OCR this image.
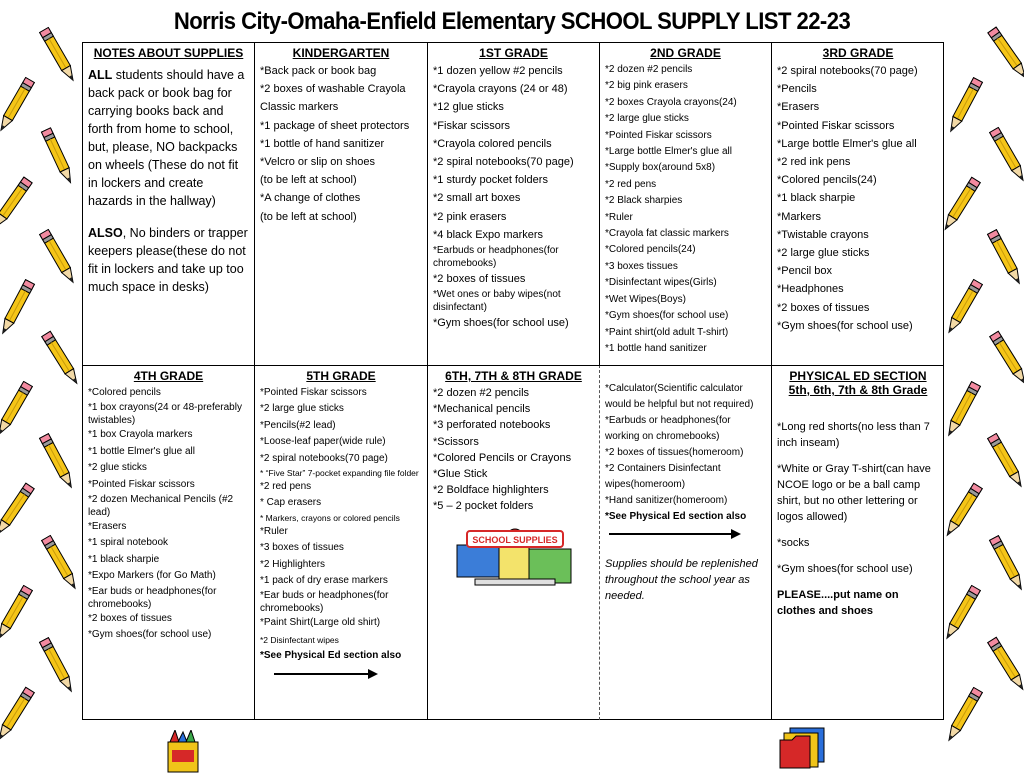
Norris City-Omaha-Enfield Elementary SCHOOL SUPPLY LIST 22-23
NOTES ABOUT SUPPLIES

ALL students should have a back pack or book bag for carrying books back and forth from home to school, but, please, NO backpacks on wheels (These do not fit in lockers and create hazards in the hallway)

ALSO, No binders or trapper keepers please(these do not fit in lockers and take up too much space in desks)

KINDERGARTEN
*Back pack or book bag
*2 boxes of washable Crayola Classic markers
*1 package of sheet protectors
*1 bottle of hand sanitizer
*Velcro or slip on shoes
(to be left at school)
*A change of clothes
(to be left at school)
1ST GRADE
*1 dozen yellow #2 pencils
*Crayola crayons (24 or 48)
*12 glue sticks
*Fiskar scissors
*Crayola colored pencils
*2 spiral notebooks(70 page)
*1 sturdy pocket folders
*2 small art boxes
*2 pink erasers
*4 black Expo markers
*Earbuds or headphones(for chromebooks)
*2 boxes of tissues
*Wet ones or baby wipes(not disinfectant)
*Gym shoes(for school use)
2ND GRADE
*2 dozen #2 pencils
*2 big pink erasers
*2 boxes Crayola crayons(24)
*2 large glue sticks
*Pointed Fiskar scissors
*Large bottle Elmer's glue all
*Supply box(around 5x8)
*2 red pens
*2 Black sharpies
*Ruler
*Crayola fat classic markers
*Colored pencils(24)
*3 boxes tissues
*Disinfectant wipes(Girls)
*Wet Wipes(Boys)
*Gym shoes(for school use)
*Paint shirt(old adult T-shirt)
*1 bottle hand sanitizer
3RD GRADE
*2 spiral notebooks(70 page)
*Pencils
*Erasers
*Pointed Fiskar scissors
*Large bottle Elmer's glue all
*2 red ink pens
*Colored pencils(24)
*1 black sharpie
*Markers
*Twistable crayons
*2 large glue sticks
*Pencil box
*Headphones
*2 boxes of tissues
*Gym shoes(for school use)
4TH GRADE
*Colored pencils
*1 box crayons(24 or 48-preferably twistables)
*1 box Crayola markers
*1 bottle Elmer's glue all
*2 glue sticks
*Pointed Fiskar scissors
*2 dozen Mechanical Pencils (#2 lead)
*Erasers
*1 spiral notebook
*1 black sharpie
*Expo Markers (for Go Math)
*Ear buds or headphones(for chromebooks)
*2 boxes of tissues
*Gym shoes(for school use)
5TH GRADE
*Pointed Fiskar scissors
*2 large glue sticks
*Pencils(#2 lead)
*Loose-leaf paper(wide rule)
*2 spiral notebooks(70 page)
* “Five Star” 7-pocket expanding file folder
*2 red pens
* Cap erasers
* Markers, crayons or colored pencils
*Ruler
*3 boxes of tissues
*2 Highlighters
*1 pack of dry erase markers
*Ear buds or headphones(for chromebooks)
*Paint Shirt(Large old shirt)
*2 Disinfectant wipes
*See Physical Ed section also
6TH, 7TH & 8TH GRADE
*2 dozen #2 pencils
*Mechanical pencils
*3 perforated notebooks
*Scissors
*Colored Pencils or Crayons
*Glue Stick
*2 Boldface highlighters
*5 – 2 pocket folders
SCHOOL SUPPLIES
*Calculator(Scientific calculator would be helpful but not required)
*Earbuds or headphones(for working on chromebooks)
*2 boxes of tissues(homeroom)
*2 Containers Disinfectant wipes(homeroom)
*Hand sanitizer(homeroom)
*See Physical Ed section also
Supplies should be replenished throughout the school year as needed.
PHYSICAL ED SECTION
5th, 6th, 7th & 8th Grade

*Long red shorts(no less than 7 inch inseam)

*White or Gray T-shirt(can have NCOE logo or be a ball camp shirt, but no other lettering or logos allowed)

*socks

*Gym shoes(for school use)

PLEASE....put name on clothes and shoes
